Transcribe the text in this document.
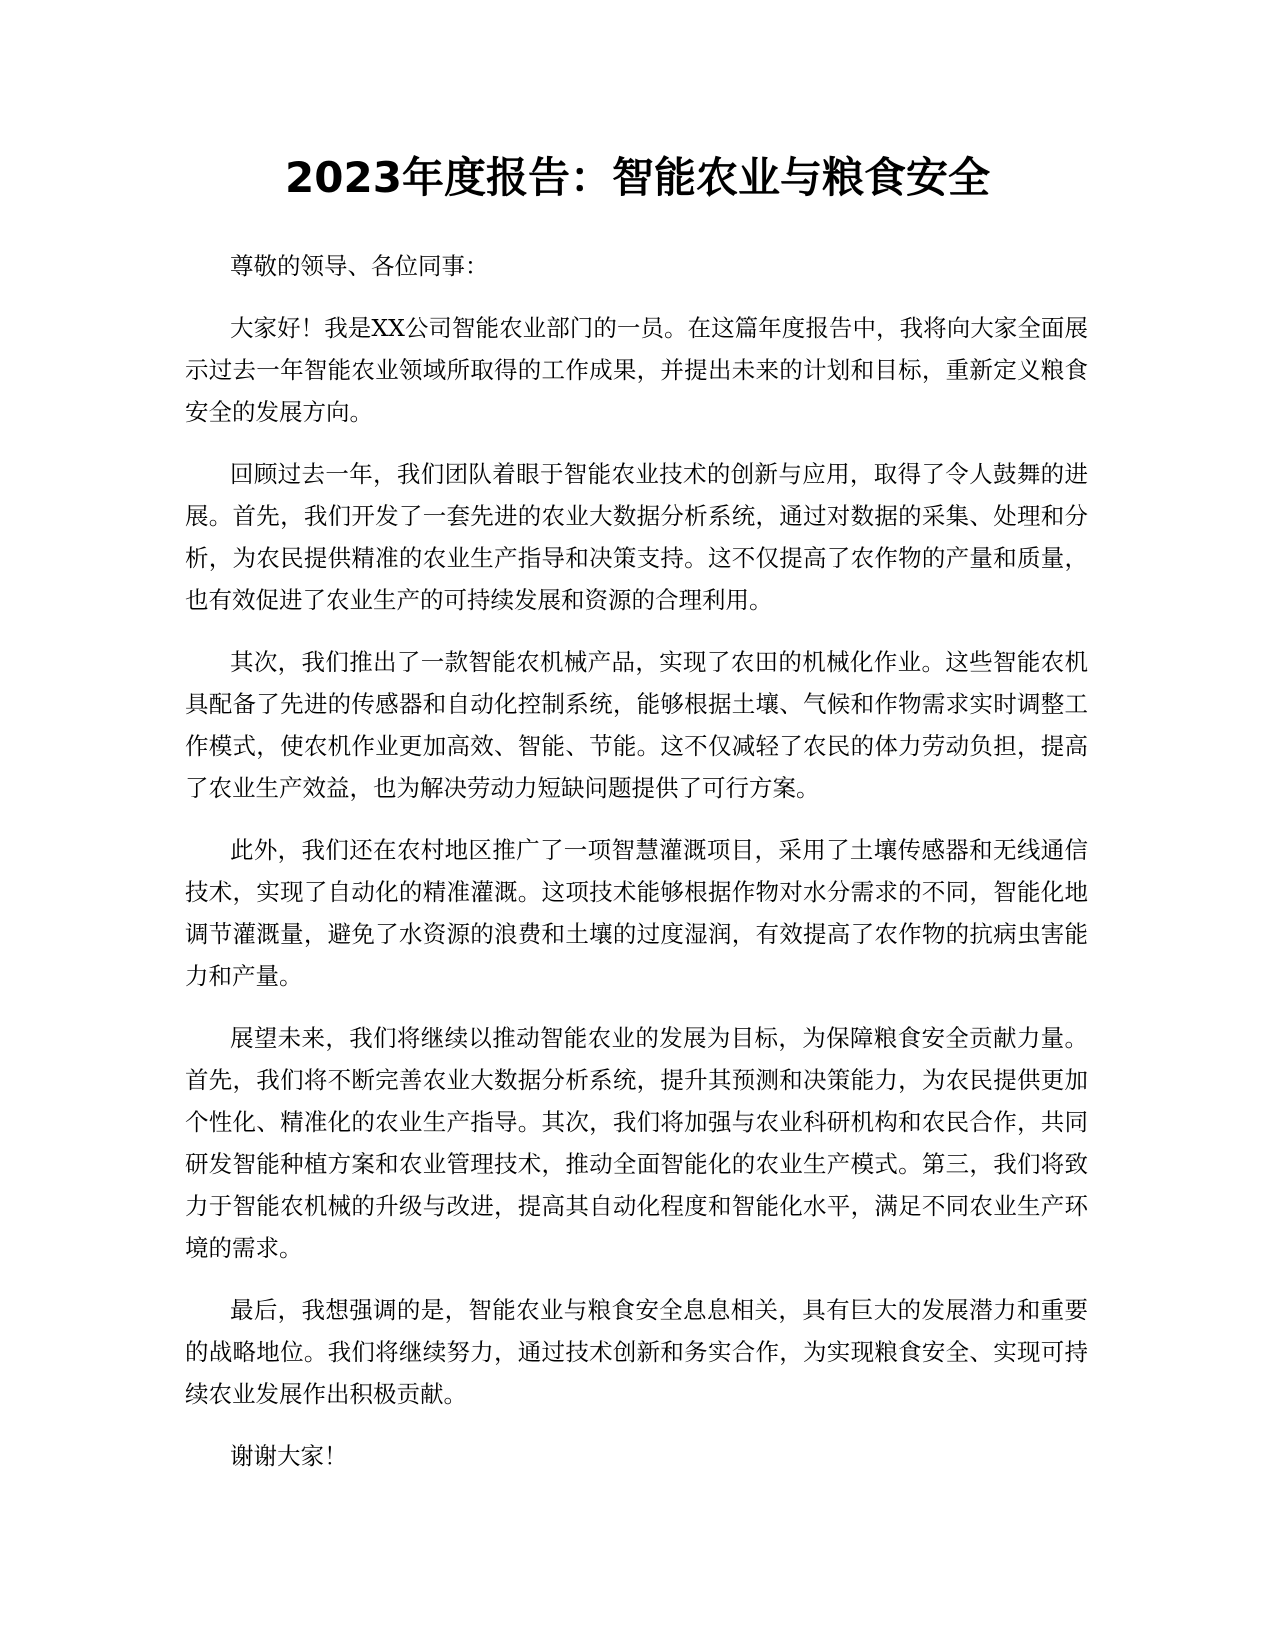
2023年度报告：智能农业与粮食安全

尊敬的领导、各位同事：

大家好！我是XX公司智能农业部门的一员。在这篇年度报告中，我将向大家全面展示过去一年智能农业领域所取得的工作成果，并提出未来的计划和目标，重新定义粮食安全的发展方向。

回顾过去一年，我们团队着眼于智能农业技术的创新与应用，取得了令人鼓舞的进展。首先，我们开发了一套先进的农业大数据分析系统，通过对数据的采集、处理和分析，为农民提供精准的农业生产指导和决策支持。这不仅提高了农作物的产量和质量，也有效促进了农业生产的可持续发展和资源的合理利用。

其次，我们推出了一款智能农机械产品，实现了农田的机械化作业。这些智能农机具配备了先进的传感器和自动化控制系统，能够根据土壤、气候和作物需求实时调整工作模式，使农机作业更加高效、智能、节能。这不仅减轻了农民的体力劳动负担，提高了农业生产效益，也为解决劳动力短缺问题提供了可行方案。

此外，我们还在农村地区推广了一项智慧灌溉项目，采用了土壤传感器和无线通信技术，实现了自动化的精准灌溉。这项技术能够根据作物对水分需求的不同，智能化地调节灌溉量，避免了水资源的浪费和土壤的过度湿润，有效提高了农作物的抗病虫害能力和产量。

展望未来，我们将继续以推动智能农业的发展为目标，为保障粮食安全贡献力量。首先，我们将不断完善农业大数据分析系统，提升其预测和决策能力，为农民提供更加个性化、精准化的农业生产指导。其次，我们将加强与农业科研机构和农民合作，共同研发智能种植方案和农业管理技术，推动全面智能化的农业生产模式。第三，我们将致力于智能农机械的升级与改进，提高其自动化程度和智能化水平，满足不同农业生产环境的需求。

最后，我想强调的是，智能农业与粮食安全息息相关，具有巨大的发展潜力和重要的战略地位。我们将继续努力，通过技术创新和务实合作，为实现粮食安全、实现可持续农业发展作出积极贡献。

谢谢大家！
